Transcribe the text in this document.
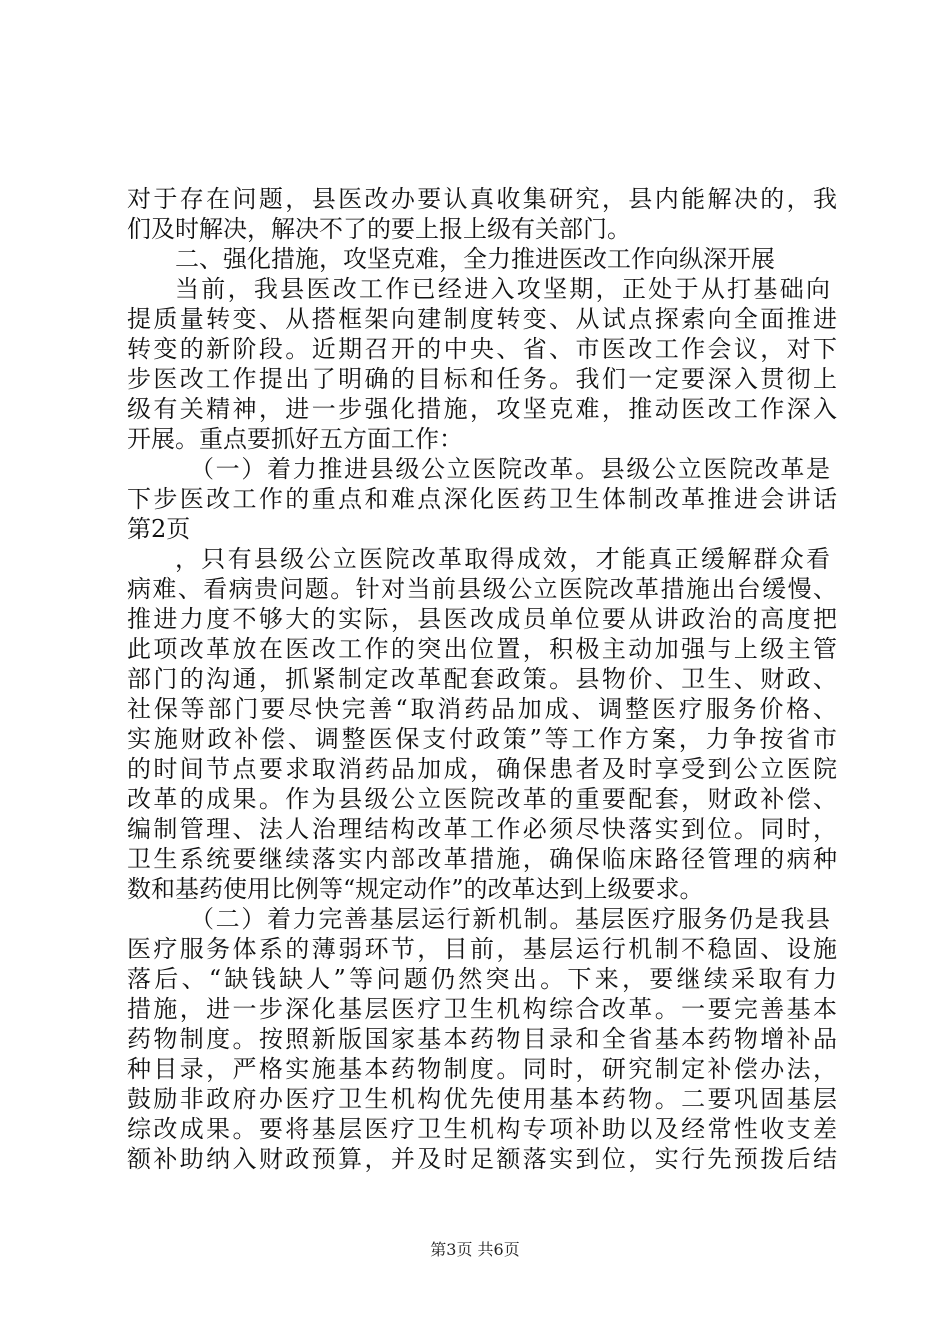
对于存在问题，县医改办要认真收集研究，县内能解决的，我
们及时解决，解决不了的要上报上级有关部门。
二、强化措施，攻坚克难，全力推进医改工作向纵深开展
当前，我县医改工作已经进入攻坚期，正处于从打基础向
提质量转变、从搭框架向建制度转变、从试点探索向全面推进
转变的新阶段。近期召开的中央、省、市医改工作会议，对下
步医改工作提出了明确的目标和任务。我们一定要深入贯彻上
级有关精神，进一步强化措施，攻坚克难，推动医改工作深入
开展。重点要抓好五方面工作：
（一）着力推进县级公立医院改革。县级公立医院改革是
下步医改工作的重点和难点深化医药卫生体制改革推进会讲话
第2页
，只有县级公立医院改革取得成效，才能真正缓解群众看
病难、看病贵问题。针对当前县级公立医院改革措施出台缓慢、
推进力度不够大的实际，县医改成员单位要从讲政治的高度把
此项改革放在医改工作的突出位置，积极主动加强与上级主管
部门的沟通，抓紧制定改革配套政策。县物价、卫生、财政、
社保等部门要尽快完善“取消药品加成、调整医疗服务价格、
实施财政补偿、调整医保支付政策”等工作方案，力争按省市
的时间节点要求取消药品加成，确保患者及时享受到公立医院
改革的成果。作为县级公立医院改革的重要配套，财政补偿、
编制管理、法人治理结构改革工作必须尽快落实到位。同时，
卫生系统要继续落实内部改革措施，确保临床路径管理的病种
数和基药使用比例等“规定动作”的改革达到上级要求。
（二）着力完善基层运行新机制。基层医疗服务仍是我县
医疗服务体系的薄弱环节，目前，基层运行机制不稳固、设施
落后、“缺钱缺人”等问题仍然突出。下来，要继续采取有力
措施，进一步深化基层医疗卫生机构综合改革。一要完善基本
药物制度。按照新版国家基本药物目录和全省基本药物增补品
种目录，严格实施基本药物制度。同时，研究制定补偿办法，
鼓励非政府办医疗卫生机构优先使用基本药物。二要巩固基层
综改成果。要将基层医疗卫生机构专项补助以及经常性收支差
额补助纳入财政预算，并及时足额落实到位，实行先预拨后结
第3页 共6页
